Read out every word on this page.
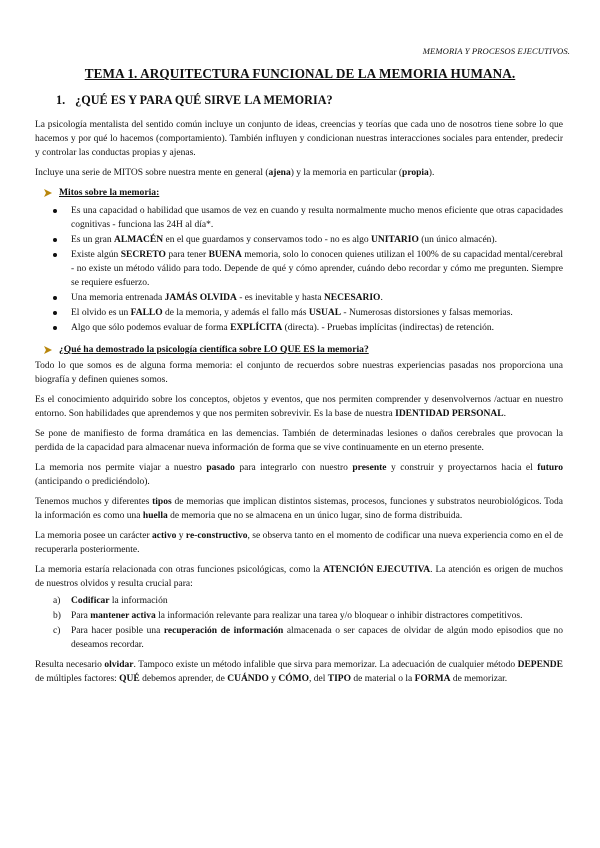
MEMORIA Y PROCESOS EJECUTIVOS.
TEMA 1. ARQUITECTURA FUNCIONAL DE LA MEMORIA HUMANA.
1. ¿QUÉ ES Y PARA QUÉ SIRVE LA MEMORIA?

La psicología mentalista del sentido común incluye un conjunto de ideas, creencias y teorías que cada uno de nosotros tiene sobre lo que hacemos y por qué lo hacemos (comportamiento). También influyen y condicionan nuestras interacciones sociales para entender, predecir y controlar las conductas propias y ajenas.

Incluye una serie de MITOS sobre nuestra mente en general (ajena) y la memoria en particular (propia).

Mitos sobre la memoria:
Es una capacidad o habilidad que usamos de vez en cuando y resulta normalmente mucho menos eficiente que otras capacidades cognitivas - funciona las 24H al día*.
Es un gran ALMACÉN en el que guardamos y conservamos todo - no es algo UNITARIO (un único almacén).
Existe algún SECRETO para tener BUENA memoria, solo lo conocen quienes utilizan el 100% de su capacidad mental/cerebral - no existe un método válido para todo. Depende de qué y cómo aprender, cuándo debo recordar y cómo me pregunten. Siempre se requiere esfuerzo.
Una memoria entrenada JAMÁS OLVIDA - es inevitable y hasta NECESARIO.
El olvido es un FALLO de la memoria, y además el fallo más USUAL - Numerosas distorsiones y falsas memorias.
Algo que sólo podemos evaluar de forma EXPLÍCITA (directa). - Pruebas implícitas (indirectas) de retención.
¿Qué ha demostrado la psicología científica sobre LO QUE ES la memoria?

Todo lo que somos es de alguna forma memoria: el conjunto de recuerdos sobre nuestras experiencias pasadas nos proporciona una biografía y definen quienes somos.

Es el conocimiento adquirido sobre los conceptos, objetos y eventos, que nos permiten comprender y desenvolvernos /actuar en nuestro entorno. Son habilidades que aprendemos y que nos permiten sobrevivir. Es la base de nuestra IDENTIDAD PERSONAL.

Se pone de manifiesto de forma dramática en las demencias. También de determinadas lesiones o daños cerebrales que provocan la perdida de la capacidad para almacenar nueva información de forma que se vive continuamente en un eterno presente.

La memoria nos permite viajar a nuestro pasado para integrarlo con nuestro presente y construir y proyectarnos hacia el futuro (anticipando o prediciéndolo).

Tenemos muchos y diferentes tipos de memorias que implican distintos sistemas, procesos, funciones y substratos neurobiológicos. Toda la información es como una huella de memoria que no se almacena en un único lugar, sino de forma distribuida.

La memoria posee un carácter activo y re-constructivo, se observa tanto en el momento de codificar una nueva experiencia como en el de recuperarla posteriormente.

La memoria estaría relacionada con otras funciones psicológicas, como la ATENCIÓN EJECUTIVA. La atención es origen de muchos de nuestros olvidos y resulta crucial para:

a) Codificar la información
b) Para mantener activa la información relevante para realizar una tarea y/o bloquear o inhibir distractores competitivos.
c) Para hacer posible una recuperación de información almacenada o ser capaces de olvidar de algún modo episodios que no deseamos recordar.

Resulta necesario olvidar. Tampoco existe un método infalible que sirva para memorizar. La adecuación de cualquier método DEPENDE de múltiples factores: QUÉ debemos aprender, de CUÁNDO y CÓMO, del TIPO de material o la FORMA de memorizar.
